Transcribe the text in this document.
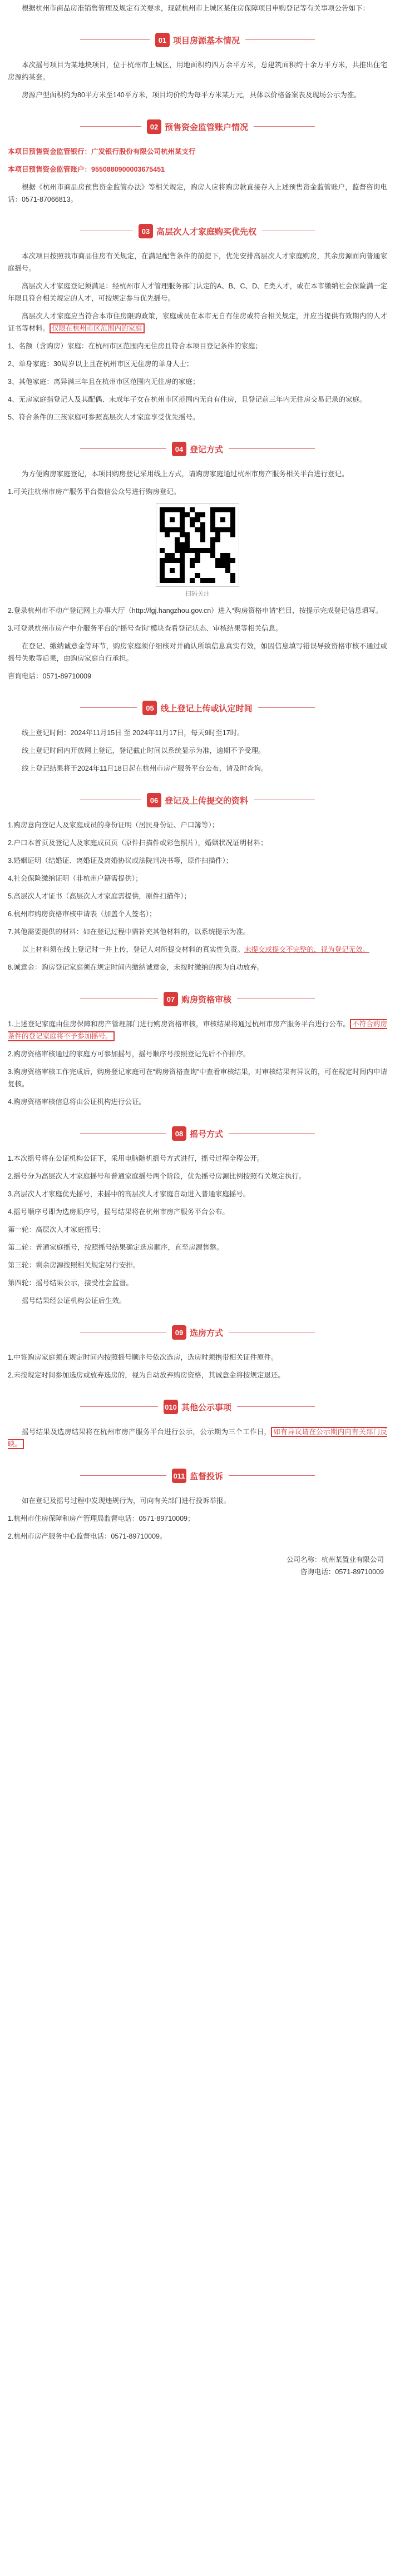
根据杭州市商品房准销售管理及规定有关要求，现就杭州市上城区某住房保障项目申购登记等有关事项公告如下：

01 项目房源基本情况

本次摇号项目为某地块项目，位于杭州市上城区，用地面积约四万余平方米，总建筑面积约十余万平方米，共推出住宅房源约某套。

房源户型面积约为80平方米至140平方米，项目均价约为每平方米某万元，具体以价格备案表及现场公示为准。

02 预售资金监管账户情况

本项目预售资金监管银行：广发银行股份有限公司杭州某支行

本项目预售资金监管账户：9550880900003675451

根据《杭州市商品房预售资金监管办法》等相关规定，购房人应将购房款直接存入上述预售资金监管账户，监督咨询电话：0571-87066813。

03 高层次人才家庭购买优先权

本次项目按照我市商品住房有关规定，在满足配售条件的前提下，优先安排高层次人才家庭购房，其余房源面向普通家庭摇号。

高层次人才家庭登记须满足：经杭州市人才管理服务部门认定的A、B、C、D、E类人才，或在本市缴纳社会保险满一定年限且符合相关规定的人才，可按规定参与优先摇号。

高层次人才家庭应当符合本市住房限购政策，家庭成员在本市无自有住房或符合相关规定，并应当提供有效期内的人才证书等材料。 仅限在杭州市区范围内的家庭

1、名额（含购房）家庭：在杭州市区范围内无住房且符合本项目登记条件的家庭；

2、单身家庭：30周岁以上且在杭州市区无住房的单身人士；

3、其他家庭：离异满三年且在杭州市区范围内无住房的家庭；

4、无房家庭指登记人及其配偶、未成年子女在杭州市区范围内无自有住房，且登记前三年内无住房交易记录的家庭。

5、符合条件的三孩家庭可参照高层次人才家庭享受优先摇号。

04 登记方式

为方便购房家庭登记，本项目购房登记采用线上方式，请购房家庭通过杭州市房产服务相关平台进行登记。

1.可关注杭州市房产服务平台微信公众号进行购房登记。

扫码关注

2.登录杭州市不动产登记网上办事大厅（http://fgj.hangzhou.gov.cn）进入“购房资格申请”栏目，按提示完成登记信息填写。

3.可登录杭州市房产中介服务平台的“摇号查询”模块查看登记状态、审核结果等相关信息。

在登记、缴纳诚意金等环节，购房家庭须仔细核对并确认所填信息真实有效，如因信息填写错误导致资格审核不通过或摇号失败等后果，由购房家庭自行承担。

咨询电话：0571-89710009

05 线上登记上传或认定时间

线上登记时间：2024年11月15日 至 2024年11月17日，每天9时至17时。

线上登记时间内开放网上登记，登记截止时间以系统显示为准，逾期不予受理。

线上登记结果将于2024年11月18日起在杭州市房产服务平台公布，请及时查询。

06 登记及上传提交的资料

1.购房意向登记人及家庭成员的身份证明（居民身份证、户口簿等）；

2.户口本首页及登记人及家庭成员页（原件扫描件或彩色照片），婚姻状况证明材料；

3.婚姻证明（结婚证、离婚证及离婚协议或法院判决书等，原件扫描件）；

4.社会保险缴纳证明（非杭州户籍需提供）；

5.高层次人才证书（高层次人才家庭需提供，原件扫描件）；

6.杭州市购房资格审核申请表（加盖个人签名）；

7.其他需要提供的材料：如在登记过程中需补充其他材料的，以系统提示为准。

以上材料须在线上登记时一并上传，登记人对所提交材料的真实性负责。未提交或提交不完整的，视为登记无效。

8.诚意金：购房登记家庭须在规定时间内缴纳诚意金，未按时缴纳的视为自动放弃。

07 购房资格审核

1.上述登记家庭由住房保障和房产管理部门进行购房资格审核，审核结果将通过杭州市房产服务平台进行公布。 不符合购房条件的登记家庭将不予参加摇号。

2.购房资格审核通过的家庭方可参加摇号，摇号顺序号按照登记先后不作排序。

3.购房资格审核工作完成后，购房登记家庭可在“购房资格查询”中查看审核结果，对审核结果有异议的，可在规定时间内申请复核。

4.购房资格审核信息将由公证机构进行公证。

08 摇号方式

1.本次摇号将在公证机构公证下，采用电脑随机摇号方式进行，摇号过程全程公开。

2.摇号分为高层次人才家庭摇号和普通家庭摇号两个阶段，优先摇号房源比例按照有关规定执行。

3.高层次人才家庭优先摇号，未摇中的高层次人才家庭自动进入普通家庭摇号。

4.摇号顺序号即为选房顺序号，摇号结果将在杭州市房产服务平台公布。

第一轮：高层次人才家庭摇号；

第二轮：普通家庭摇号，按照摇号结果确定选房顺序，直至房源售罄。

第三轮：剩余房源按照相关规定另行安排。

第四轮：摇号结果公示，接受社会监督。

摇号结果经公证机构公证后生效。

09 选房方式

1.中签购房家庭须在规定时间内按照摇号顺序号依次选房，选房时须携带相关证件原件。

2.未按规定时间参加选房或放弃选房的，视为自动放弃购房资格，其诚意金将按规定退还。

010 其他公示事项

摇号结果及选房结果将在杭州市房产服务平台进行公示，公示期为三个工作日， 如有异议请在公示期内向有关部门反映。

011 监督投诉

如在登记及摇号过程中发现违规行为，可向有关部门进行投诉举报。

1.杭州市住房保障和房产管理局监督电话：0571-89710009；

2.杭州市房产服务中心监督电话：0571-89710009。

公司名称：杭州某置业有限公司
咨询电话：0571-89710009
